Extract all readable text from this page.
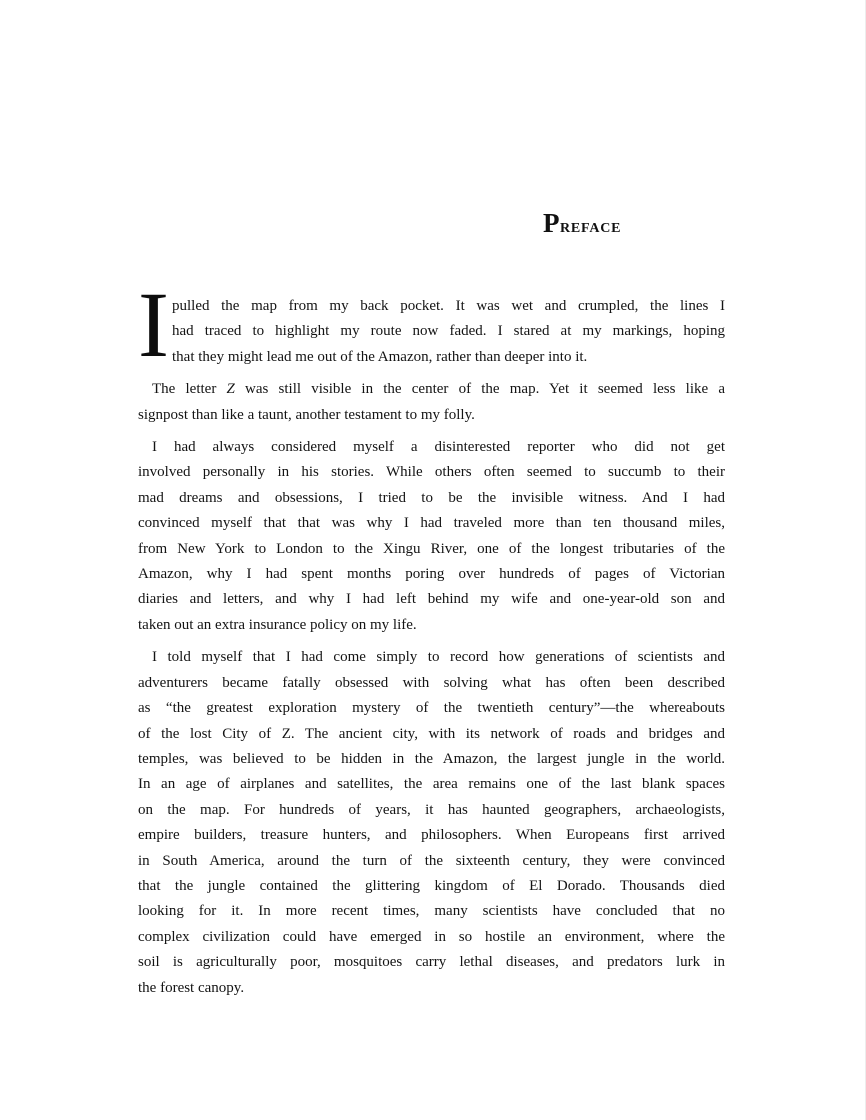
PREFACE
I pulled the map from my back pocket. It was wet and crumpled, the lines I
had traced to highlight my route now faded. I stared at my markings, hoping
that they might lead me out of the Amazon, rather than deeper into it.
The letter Z was still visible in the center of the map. Yet it seemed less like a
signpost than like a taunt, another testament to my folly.
I had always considered myself a disinterested reporter who did not get
involved personally in his stories. While others often seemed to succumb to their
mad dreams and obsessions, I tried to be the invisible witness. And I had
convinced myself that that was why I had traveled more than ten thousand miles,
from New York to London to the Xingu River, one of the longest tributaries of the
Amazon, why I had spent months poring over hundreds of pages of Victorian
diaries and letters, and why I had left behind my wife and one-year-old son and
taken out an extra insurance policy on my life.
I told myself that I had come simply to record how generations of scientists and
adventurers became fatally obsessed with solving what has often been described
as “the greatest exploration mystery of the twentieth century”—the whereabouts
of the lost City of Z. The ancient city, with its network of roads and bridges and
temples, was believed to be hidden in the Amazon, the largest jungle in the world.
In an age of airplanes and satellites, the area remains one of the last blank spaces
on the map. For hundreds of years, it has haunted geographers, archaeologists,
empire builders, treasure hunters, and philosophers. When Europeans first arrived
in South America, around the turn of the sixteenth century, they were convinced
that the jungle contained the glittering kingdom of El Dorado. Thousands died
looking for it. In more recent times, many scientists have concluded that no
complex civilization could have emerged in so hostile an environment, where the
soil is agriculturally poor, mosquitoes carry lethal diseases, and predators lurk in
the forest canopy.
